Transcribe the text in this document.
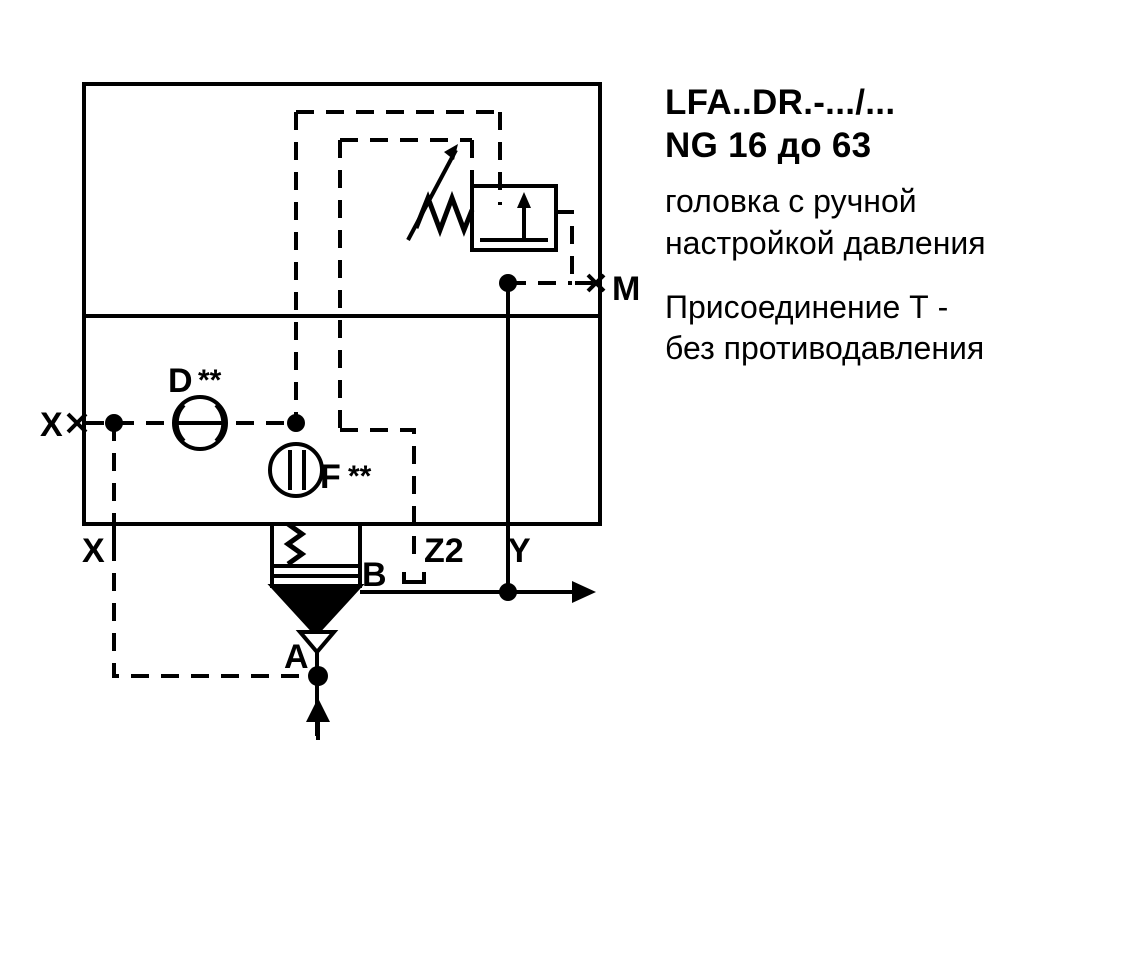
M
X
X	Y
Z2
A
B
D **
F **
LFA..DR.-.../...
NG 16 до 63
головка с ручной
настройкой давления
Присоединение Т -
без противодавления
